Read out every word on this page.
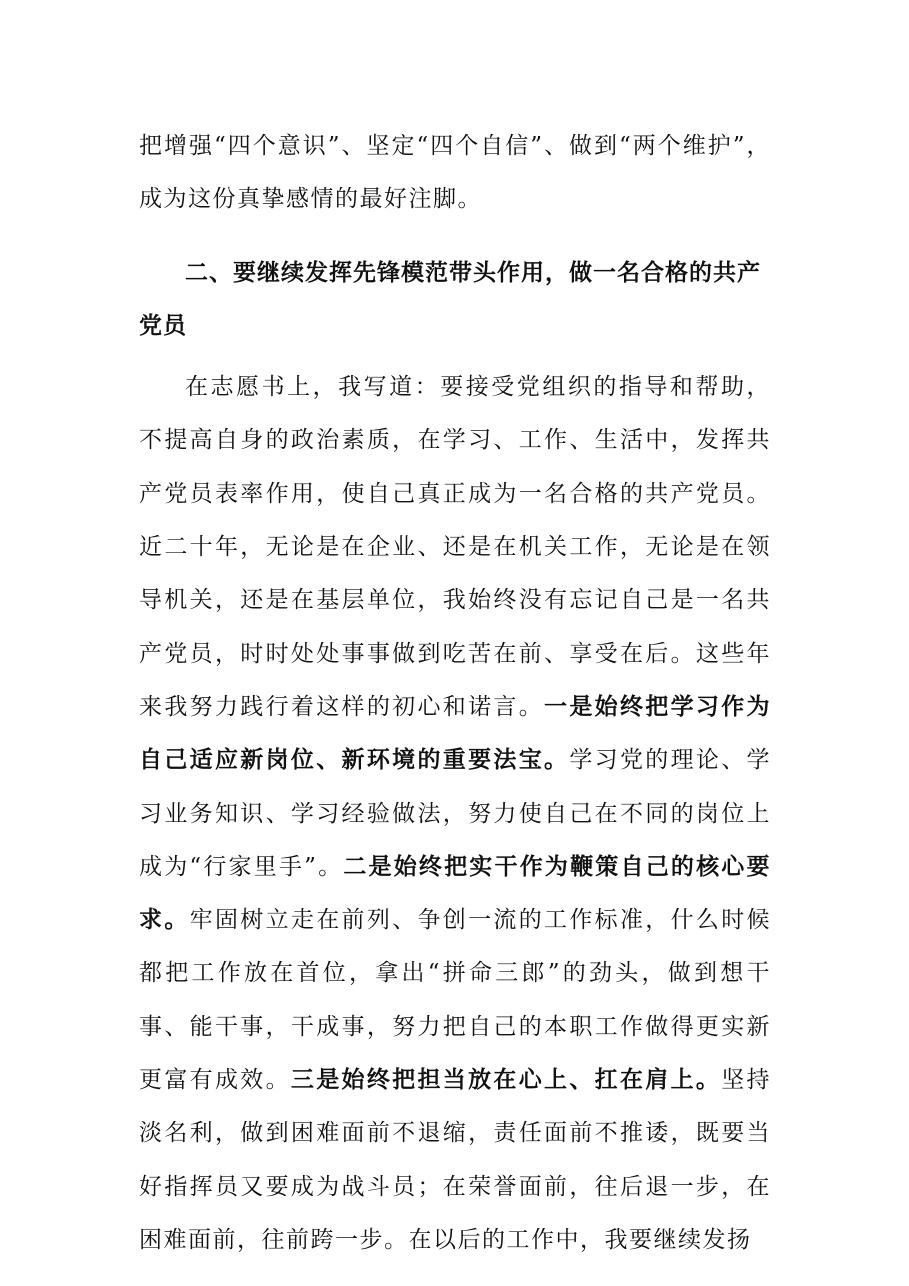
把增强“四个意识”、坚定“四个自信”、做到“两个维护”，成为这份真挚感情的最好注脚。

二、要继续发挥先锋模范带头作用，做一名合格的共产党员

在志愿书上，我写道：要接受党组织的指导和帮助，不提高自身的政治素质，在学习、工作、生活中，发挥共产党员表率作用，使自己真正成为一名合格的共产党员。近二十年，无论是在企业、还是在机关工作，无论是在领导机关，还是在基层单位，我始终没有忘记自己是一名共产党员，时时处处事事做到吃苦在前、享受在后。这些年来我努力践行着这样的初心和诺言。一是始终把学习作为自己适应新岗位、新环境的重要法宝。学习党的理论、学习业务知识、学习经验做法，努力使自己在不同的岗位上成为“行家里手”。二是始终把实干作为鞭策自己的核心要求。牢固树立走在前列、争创一流的工作标准，什么时候都把工作放在首位，拿出“拼命三郎”的劲头，做到想干事、能干事，干成事，努力把自己的本职工作做得更实新更富有成效。三是始终把担当放在心上、扛在肩上。坚持淡名利，做到困难面前不退缩，责任面前不推诿，既要当好指挥员又要成为战斗员；在荣誉面前，往后退一步，在困难面前，往前跨一步。在以后的工作中，我要继续发扬
